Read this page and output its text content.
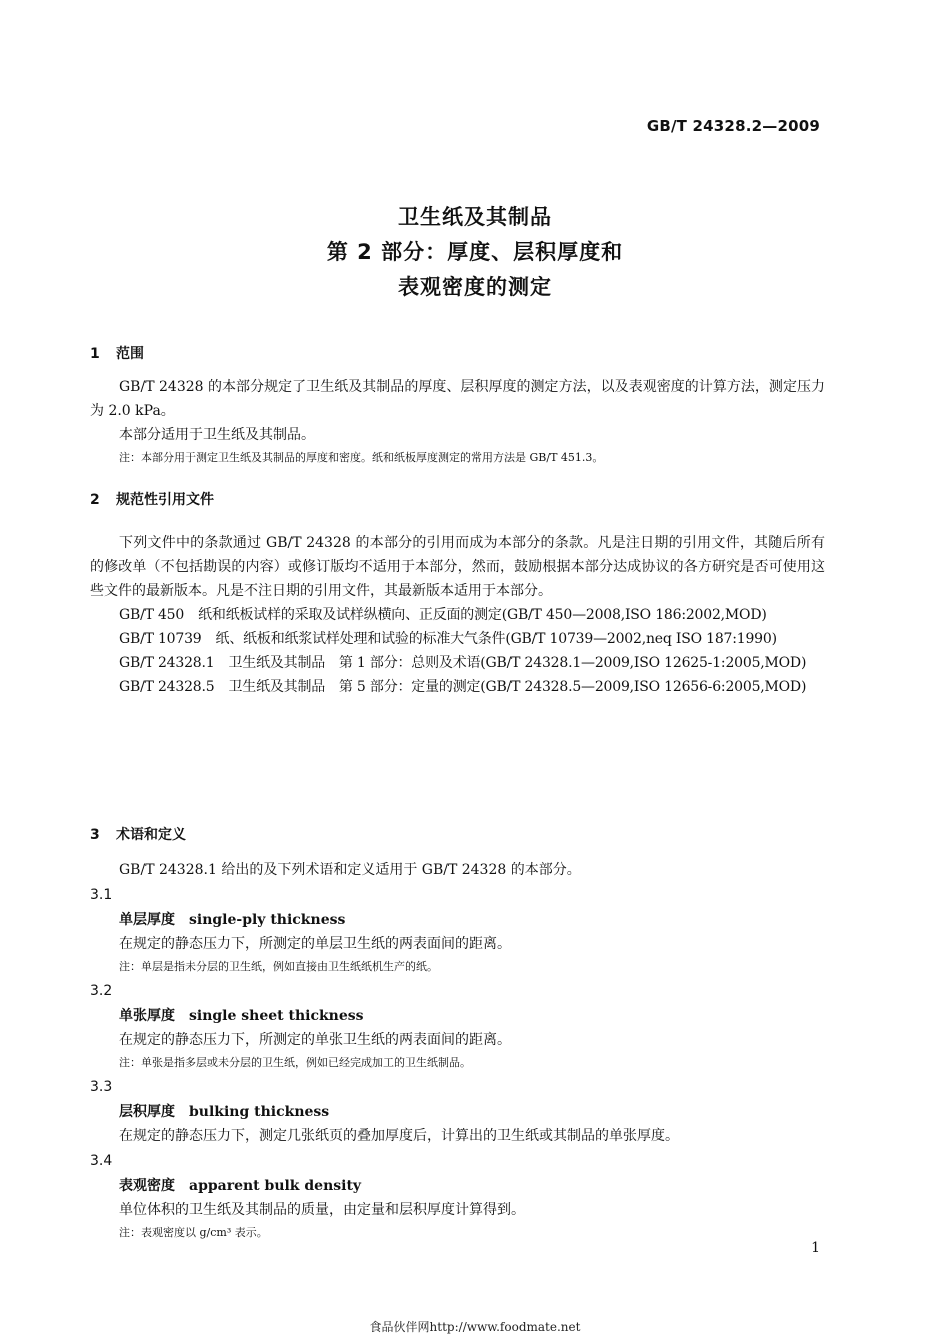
GB/T 24328.2—2009
卫生纸及其制品
第 2 部分：厚度、层积厚度和
表观密度的测定
1 范围

GB/T 24328 的本部分规定了卫生纸及其制品的厚度、层积厚度的测定方法，以及表观密度的计算方法，测定压力为 2.0 kPa。

本部分适用于卫生纸及其制品。

注：本部分用于测定卫生纸及其制品的厚度和密度。纸和纸板厚度测定的常用方法是 GB/T 451.3。

2 规范性引用文件

下列文件中的条款通过 GB/T 24328 的本部分的引用而成为本部分的条款。凡是注日期的引用文件，其随后所有的修改单（不包括勘误的内容）或修订版均不适用于本部分，然而，鼓励根据本部分达成协议的各方研究是否可使用这些文件的最新版本。凡是不注日期的引用文件，其最新版本适用于本部分。

GB/T 450 纸和纸板试样的采取及试样纵横向、正反面的测定(GB/T 450—2008,ISO 186:2002,MOD)

GB/T 10739 纸、纸板和纸浆试样处理和试验的标准大气条件(GB/T 10739—2002,neq ISO 187:1990)

GB/T 24328.1 卫生纸及其制品　第 1 部分：总则及术语(GB/T 24328.1—2009,ISO 12625-1:2005,MOD)

GB/T 24328.5 卫生纸及其制品　第 5 部分：定量的测定(GB/T 24328.5—2009,ISO 12656-6:2005,MOD)

3 术语和定义

GB/T 24328.1 给出的及下列术语和定义适用于 GB/T 24328 的本部分。

3.1
单层厚度 single-ply thickness

在规定的静态压力下，所测定的单层卫生纸的两表面间的距离。

注：单层是指未分层的卫生纸，例如直接由卫生纸纸机生产的纸。

3.2
单张厚度 single sheet thickness

在规定的静态压力下，所测定的单张卫生纸的两表面间的距离。

注：单张是指多层或未分层的卫生纸，例如已经完成加工的卫生纸制品。

3.3
层积厚度 bulking thickness

在规定的静态压力下，测定几张纸页的叠加厚度后，计算出的卫生纸或其制品的单张厚度。

3.4
表观密度 apparent bulk density

单位体积的卫生纸及其制品的质量，由定量和层积厚度计算得到。

注：表观密度以 g/cm³ 表示。

1
食品伙伴网http://www.foodmate.net
